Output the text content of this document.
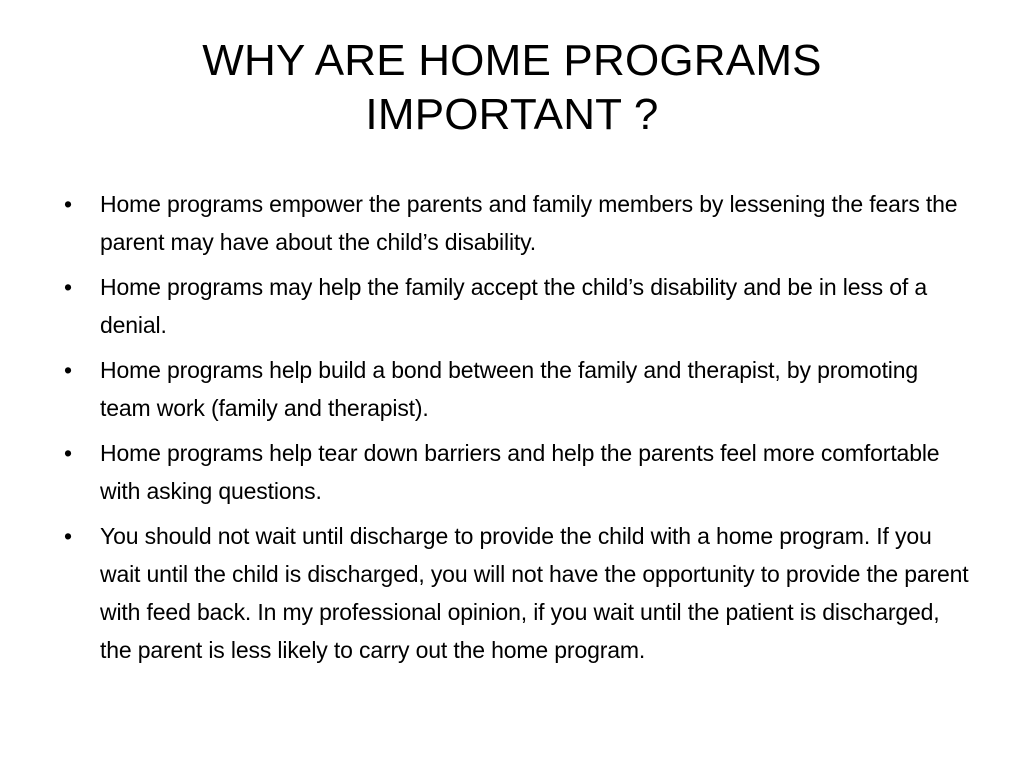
WHY ARE HOME PROGRAMS
IMPORTANT ?
• Home programs empower the parents and family members by lessening the fears the parent may have about the child’s disability.
• Home programs may help the family accept the child’s disability and be in less of a denial.
• Home programs help build a bond between the family and therapist, by promoting team work (family and therapist).
• Home programs help tear down barriers and help the parents feel more comfortable with asking questions.
• You should not wait until discharge to provide the child with a home program. If you wait until the child is discharged, you will not have the opportunity to provide the parent with feed back. In my professional opinion, if you wait until the patient is discharged, the parent is less likely to carry out the home program.
